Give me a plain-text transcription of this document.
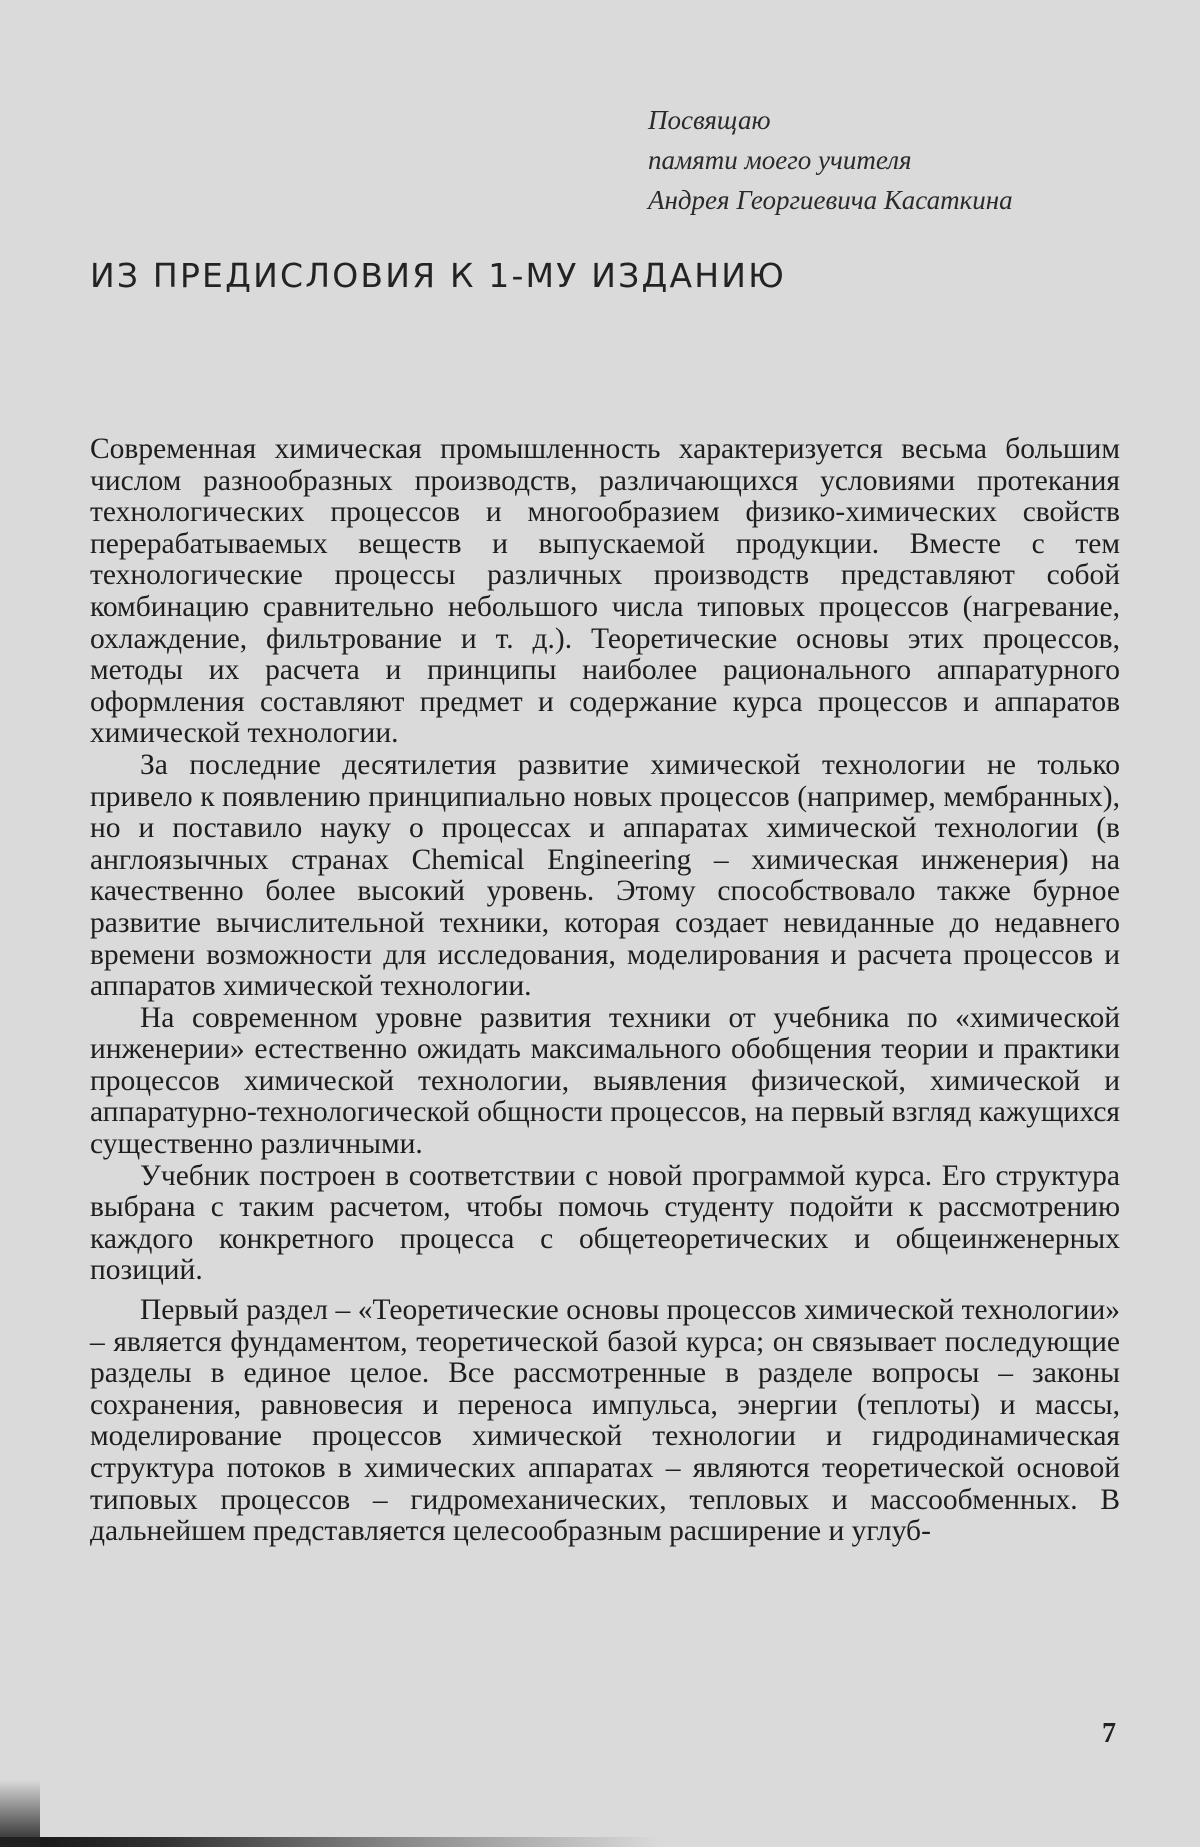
Посвящаю
памяти моего учителя
Андрея Георгиевича Касаткина
ИЗ ПРЕДИСЛОВИЯ К 1-МУ ИЗДАНИЮ

Современная химическая промышленность характеризуется весьма большим числом разнообразных производств, различающихся условиями протекания технологических процессов и многообразием физико-химических свойств перерабатываемых веществ и выпускаемой продукции. Вместе с тем технологические процессы различных производств представляют собой комбинацию сравнительно небольшого числа типовых процессов (нагревание, охлаждение, фильтрование и т. д.). Теоретические основы этих процессов, методы их расчета и принципы наиболее рационального аппаратурного оформления составляют предмет и содержание курса процессов и аппаратов химической технологии.

За последние десятилетия развитие химической технологии не только привело к появлению принципиально новых процессов (например, мембранных), но и поставило науку о процессах и аппаратах химической технологии (в англоязычных странах Chemical Engineering – химическая инженерия) на качественно более высокий уровень. Этому способствовало также бурное развитие вычислительной техники, которая создает невиданные до недавнего времени возможности для исследования, моделирования и расчета процессов и аппаратов химической технологии.

На современном уровне развития техники от учебника по «химической инженерии» естественно ожидать максимального обобщения теории и практики процессов химической технологии, выявления физической, химической и аппаратурно-технологической общности процессов, на первый взгляд кажущихся существенно различными.

Учебник построен в соответствии с новой программой курса. Его структура выбрана с таким расчетом, чтобы помочь студенту подойти к рассмотрению каждого конкретного процесса с общетеоретических и общеинженерных позиций.

Первый раздел – «Теоретические основы процессов химической технологии» – является фундаментом, теоретической базой курса; он связывает последующие разделы в единое целое. Все рассмотренные в разделе вопросы – законы сохранения, равновесия и переноса импульса, энергии (теплоты) и массы, моделирование процессов химической технологии и гидродинамическая структура потоков в химических аппаратах – являются теоретической основой типовых процессов – гидромеханических, тепловых и массообменных. В дальнейшем представляется целесообразным расширение и углуб-

7
